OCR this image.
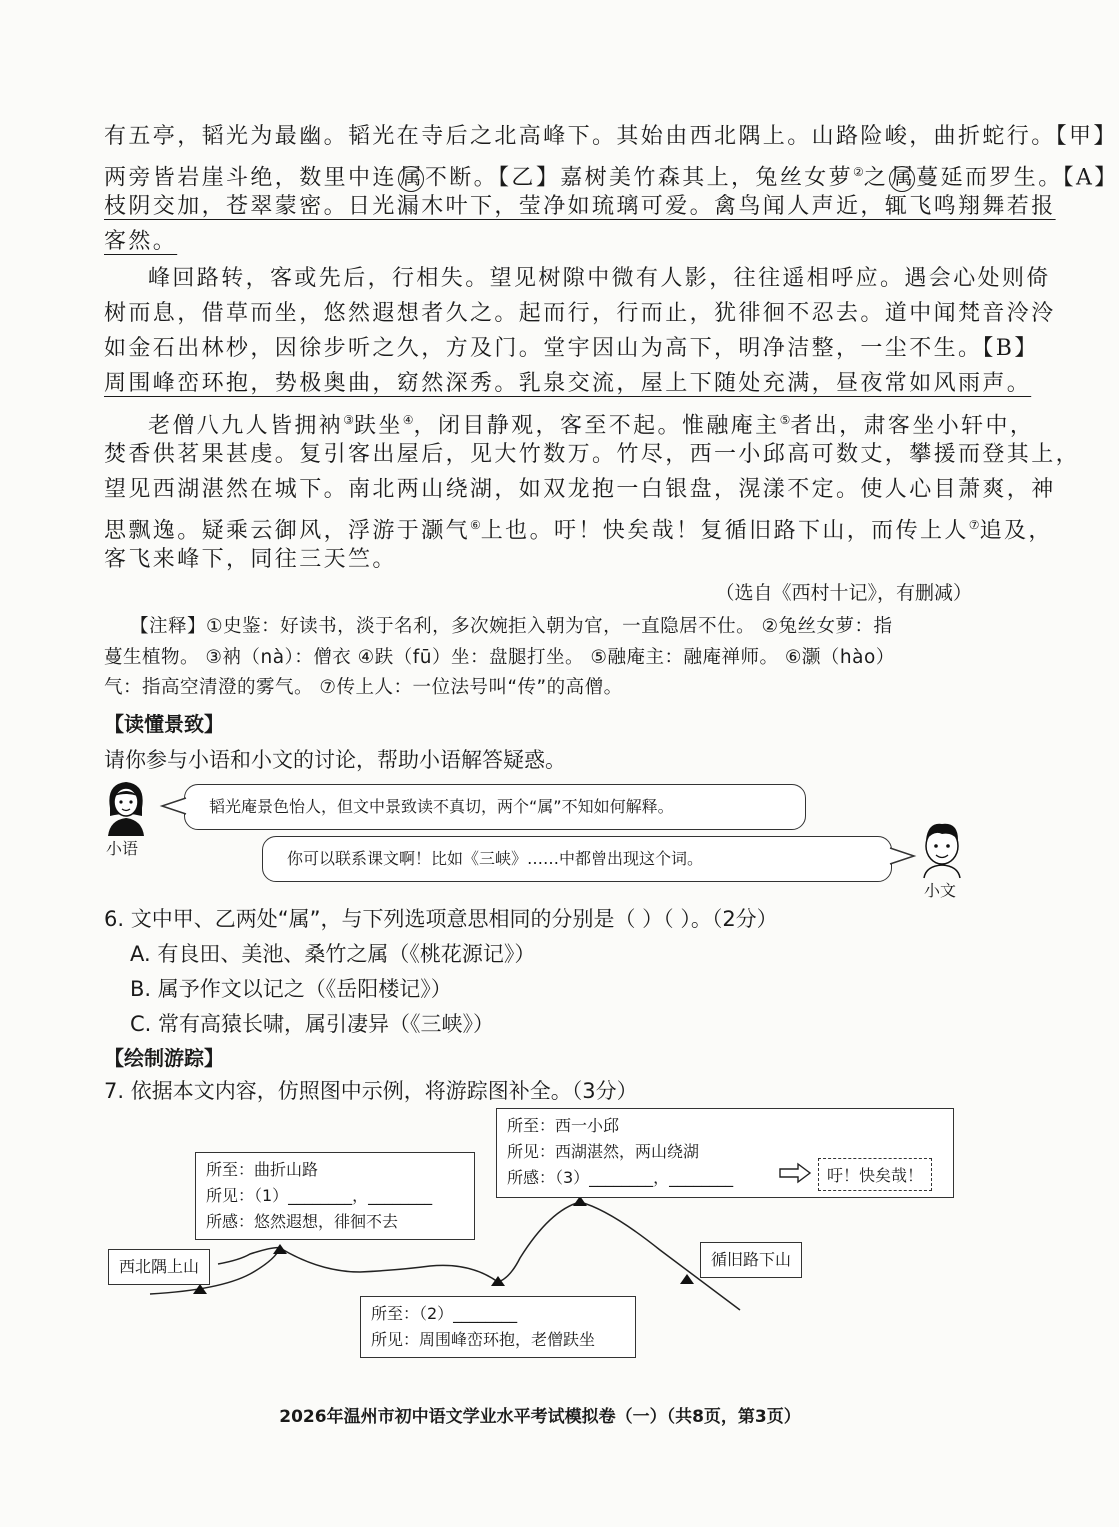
有五亭，韬光为最幽。韬光在寺后之北高峰下。其始由西北隅上。山路险峻，曲折蛇行。【甲】
两旁皆岩崖斗绝，数里中连 属 不断。【乙】嘉树美竹森其上，兔丝女萝②之 属 蔓延而罗生。【A】
枝阴交加，苍翠蒙密。日光漏木叶下，莹净如琉璃可爱。禽鸟闻人声近，辄飞鸣翔舞若报
客然。
峰回路转，客或先后，行相失。望见树隙中微有人影，往往遥相呼应。遇会心处则倚
树而息，借草而坐，悠然遐想者久之。起而行，行而止，犹徘徊不忍去。道中闻梵音泠泠
如金石出林杪，因徐步听之久，方及门。堂宇因山为高下，明净洁整，一尘不生。【B】
周围峰峦环抱，势极奥曲，窈然深秀。乳泉交流，屋上下随处充满，昼夜常如风雨声。
老僧八九人皆拥衲③趺坐④，闭目静观，客至不起。惟融庵主⑤者出，肃客坐小轩中，
焚香供茗果甚虔。复引客出屋后，见大竹数万。竹尽，西一小邱高可数丈，攀援而登其上，
望见西湖湛然在城下。南北两山绕湖，如双龙抱一白银盘，滉漾不定。使人心目萧爽，神
思飘逸。疑乘云御风，浮游于灏气⑥上也。吁！快矣哉！复循旧路下山，而传上人⑦追及，
客飞来峰下，同往三天竺。
（选自《西村十记》，有删减）
【注释】①史鉴：好读书，淡于名利，多次婉拒入朝为官，一直隐居不仕。 ②兔丝女萝：指
蔓生植物。 ③衲（nà）：僧衣 ④趺（fū）坐：盘腿打坐。 ⑤融庵主：融庵禅师。 ⑥灏（hào）
气：指高空清澄的雾气。 ⑦传上人：一位法号叫“传”的高僧。
【读懂景致】
请你参与小语和小文的讨论，帮助小语解答疑惑。
小语
韬光庵景色怡人，但文中景致读不真切，两个“属”不知如何解释。
你可以联系课文啊！比如《三峡》……中都曾出现这个词。
小文
6. 文中甲、乙两处“属”，与下列选项意思相同的分别是（ ）（ ）。（2分）
A. 有良田、美池、桑竹之属（《桃花源记》）
B. 属予作文以记之（《岳阳楼记》）
C. 常有高猿长啸，属引凄异（《三峡》）
【绘制游踪】
7. 依据本文内容，仿照图中示例，将游踪图补全。（3分）
西北隅上山	循旧路下山
所至：曲折山路
所见：（1）________，________
所感：悠然遐想，徘徊不去
所至：（2）________
所见：周围峰峦环抱，老僧趺坐
所至：西一小邱
所见：西湖湛然，两山绕湖
所感：（3）________，________	吁！快矣哉！
2026年温州市初中语文学业水平考试模拟卷（一）（共8页，第3页）
